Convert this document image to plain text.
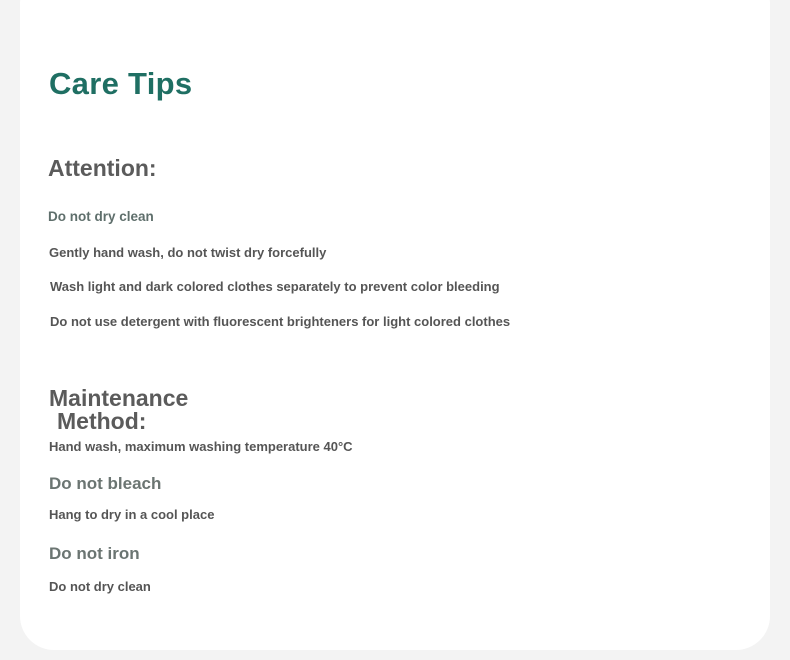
Care Tips
Attention:
Do not dry clean
Gently hand wash, do not twist dry forcefully
Wash light and dark colored clothes separately to prevent color bleeding
Do not use detergent with fluorescent brighteners for light colored clothes
Maintenance
Method:
Hand wash, maximum washing temperature 40°C
Do not bleach
Hang to dry in a cool place
Do not iron
Do not dry clean
